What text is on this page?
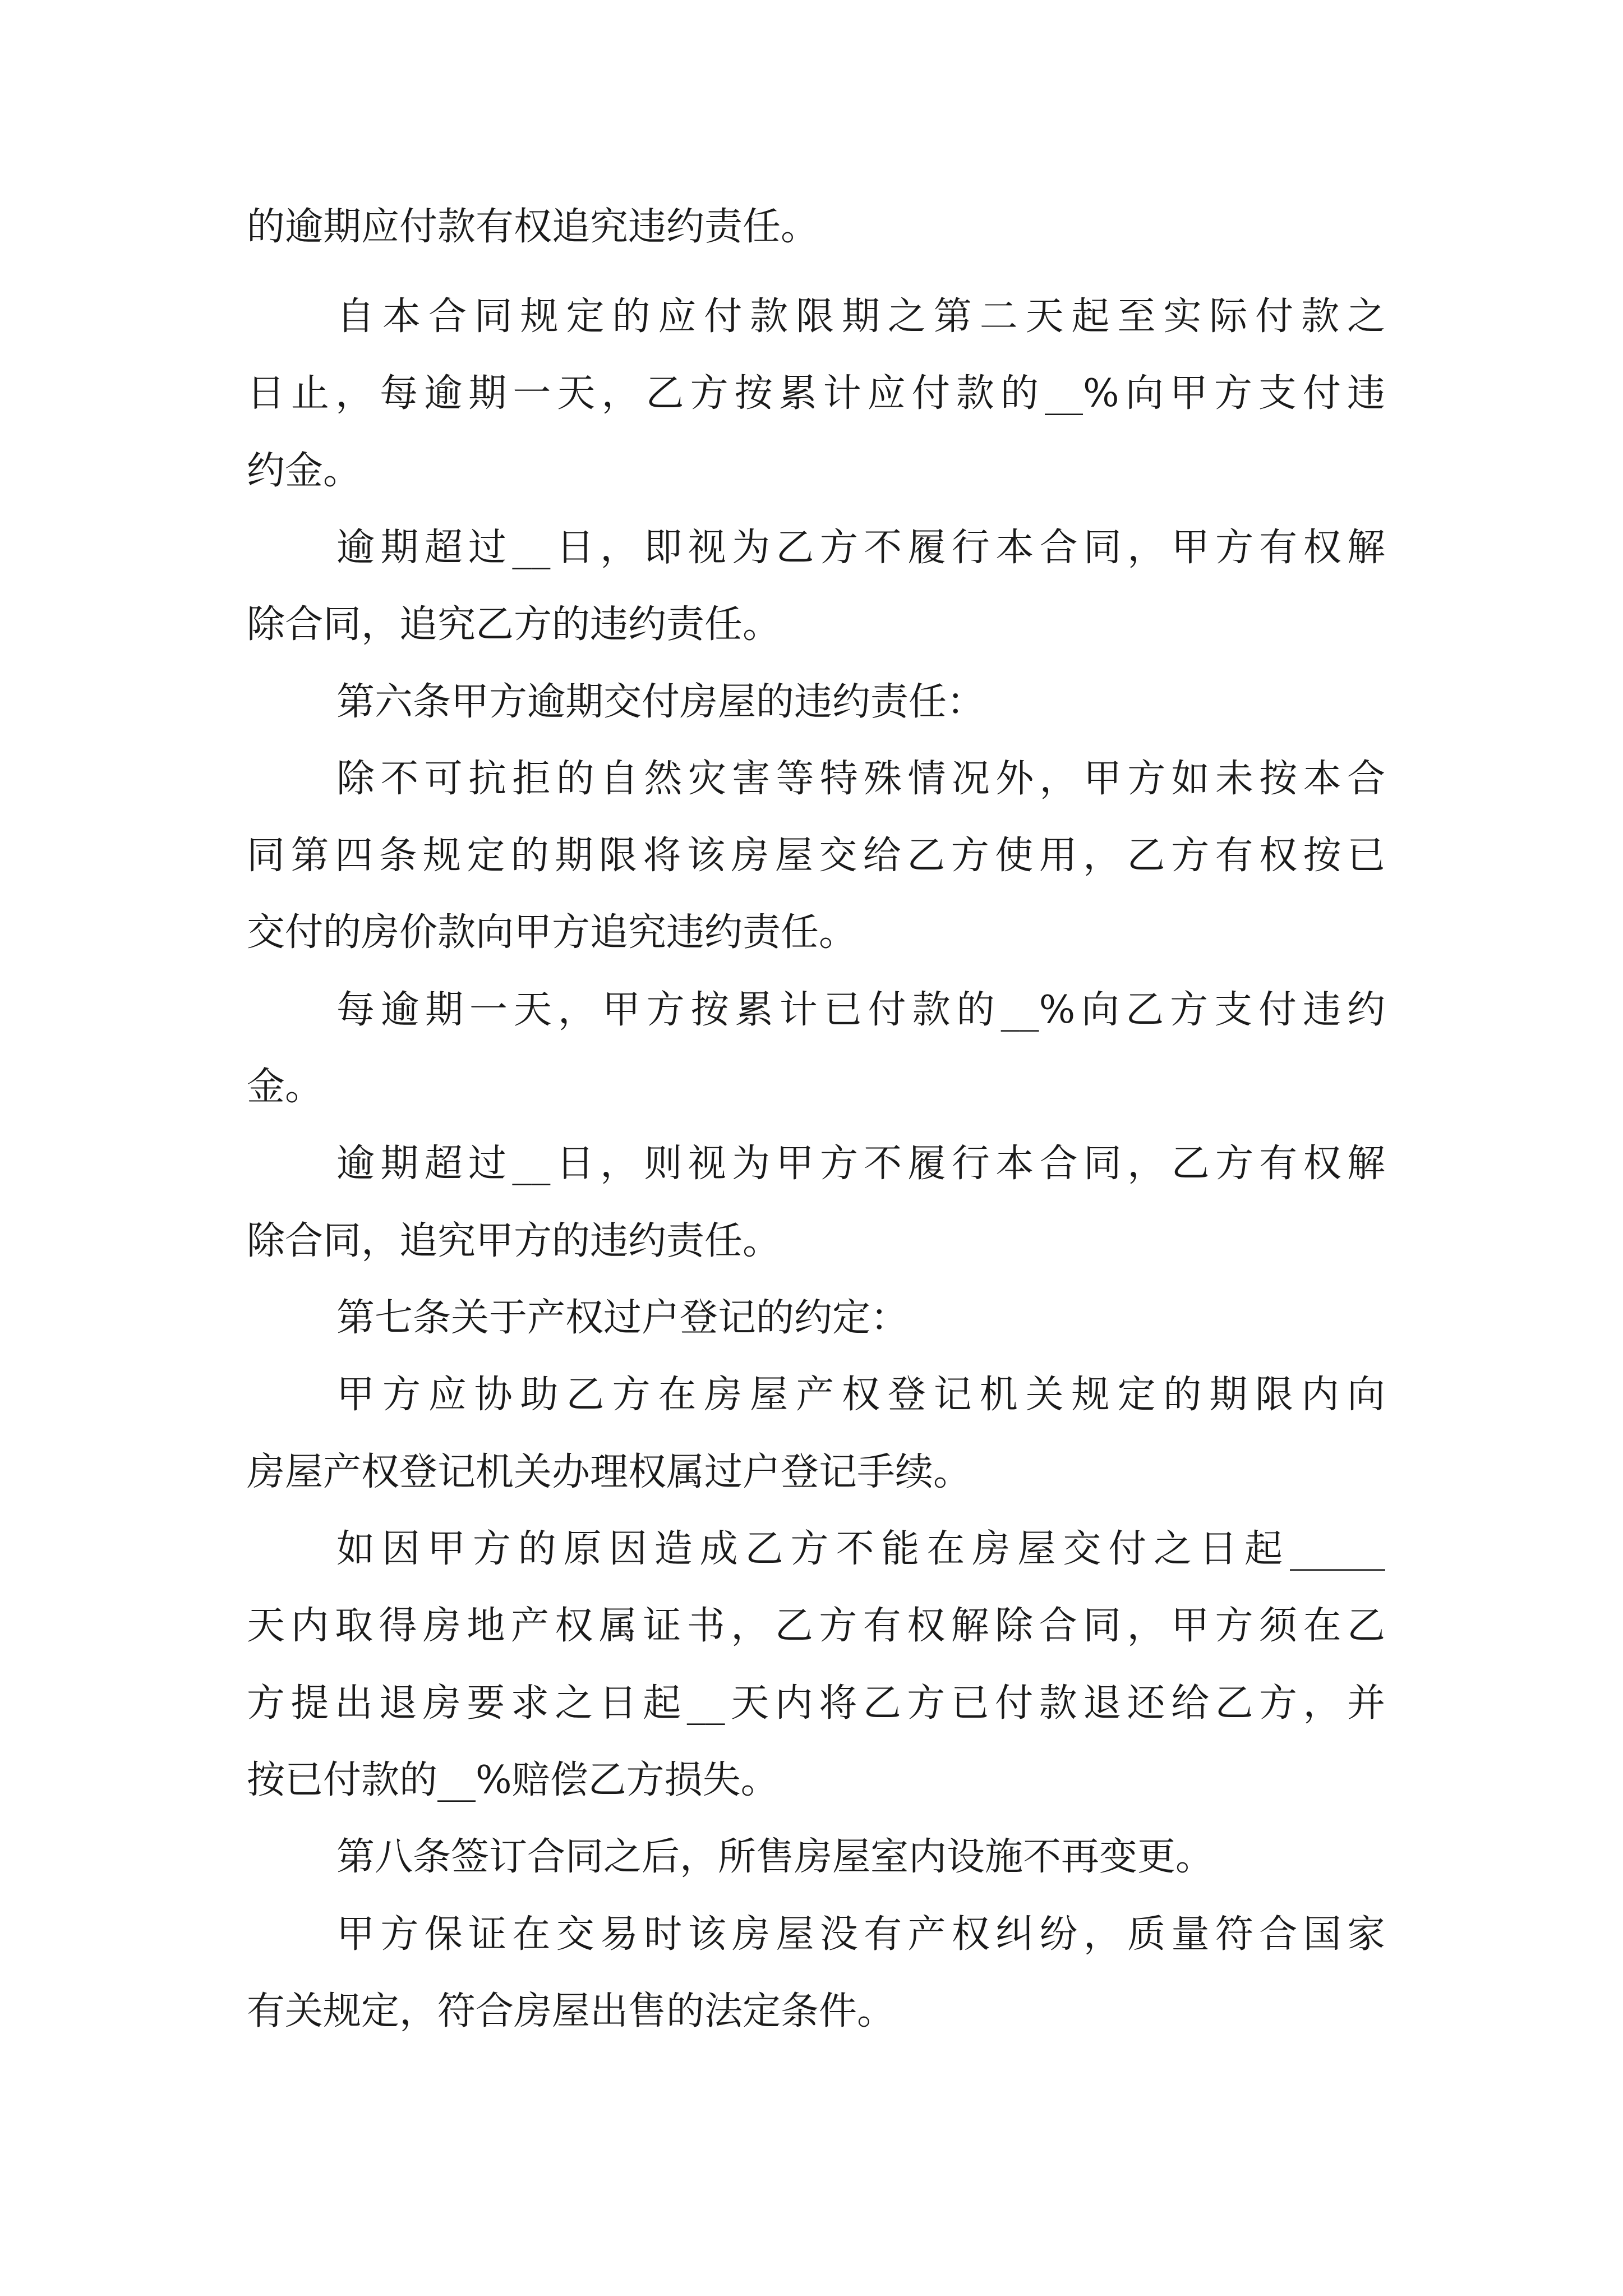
的逾期应付款有权追究违约责任。
自本合同规定的应付款限期之第二天起至实际付款之
日止，每逾期一天，乙方按累计应付款的__%向甲方支付违
约金。
逾期超过__日，即视为乙方不履行本合同，甲方有权解
除合同，追究乙方的违约责任。
第六条甲方逾期交付房屋的违约责任：
除不可抗拒的自然灾害等特殊情况外，甲方如未按本合
同第四条规定的期限将该房屋交给乙方使用，乙方有权按已
交付的房价款向甲方追究违约责任。
每逾期一天，甲方按累计已付款的__%向乙方支付违约
金。
逾期超过__日，则视为甲方不履行本合同，乙方有权解
除合同，追究甲方的违约责任。
第七条关于产权过户登记的约定：
甲方应协助乙方在房屋产权登记机关规定的期限内向
房屋产权登记机关办理权属过户登记手续。
如因甲方的原因造成乙方不能在房屋交付之日起_____
天内取得房地产权属证书，乙方有权解除合同，甲方须在乙
方提出退房要求之日起__天内将乙方已付款退还给乙方，并
按已付款的__%赔偿乙方损失。
第八条签订合同之后，所售房屋室内设施不再变更。
甲方保证在交易时该房屋没有产权纠纷，质量符合国家
有关规定，符合房屋出售的法定条件。
